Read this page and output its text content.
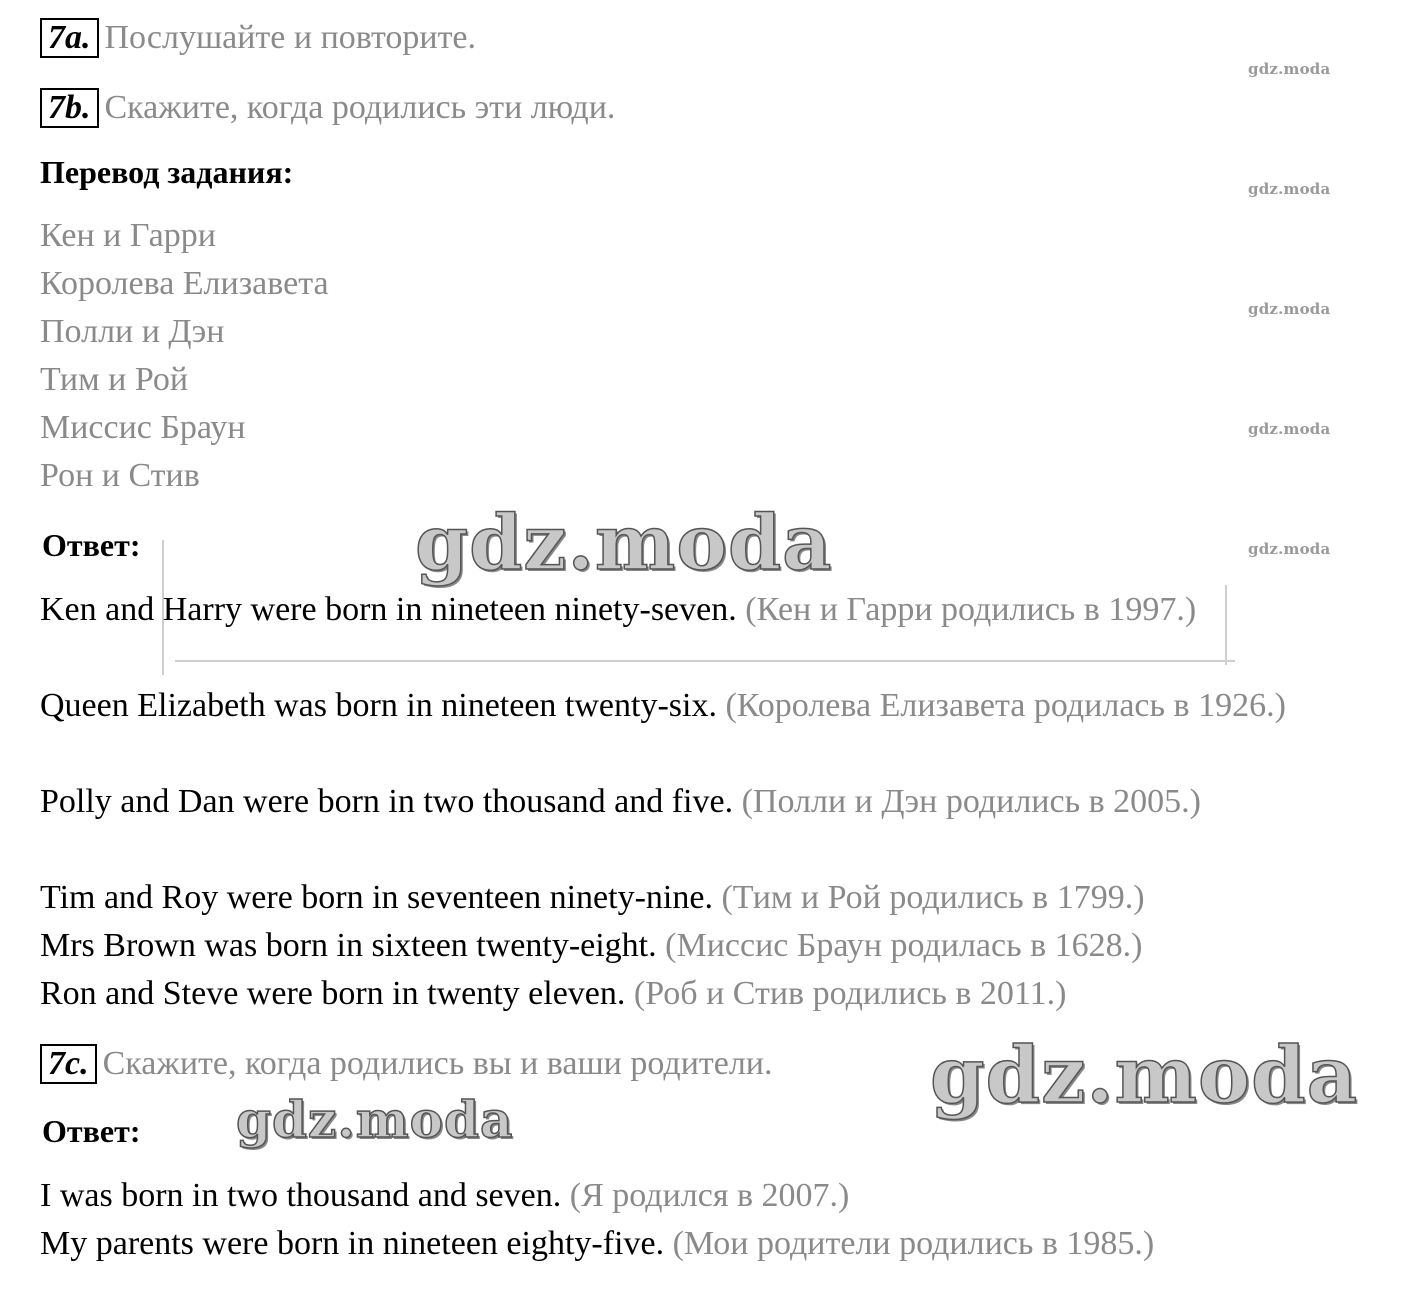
7a. Послушайте и повторите.
7b. Скажите, когда родились эти люди.
Перевод задания:
Кен и Гарри
Королева Елизавета
Полли и Дэн
Тим и Рой
Миссис Браун
Рон и Стив
Ответ:
Ken and Harry were born in nineteen ninety-seven. (Кен и Гарри родились в 1997.)
Queen Elizabeth was born in nineteen twenty-six. (Королева Елизавета родилась в 1926.)
Polly and Dan were born in two thousand and five. (Полли и Дэн родились в 2005.)
Tim and Roy were born in seventeen ninety-nine. (Тим и Рой родились в 1799.)
Mrs Brown was born in sixteen twenty-eight. (Миссис Браун родилась в 1628.)
Ron and Steve were born in twenty eleven. (Роб и Стив родились в 2011.)
7c. Скажите, когда родились вы и ваши родители.
Ответ:
I was born in two thousand and seven. (Я родился в 2007.)
My parents were born in nineteen eighty-five. (Мои родители родились в 1985.)
gdz.moda
gdz.moda
gdz.moda
gdz.moda
gdz.moda
gdz.moda
gdz.moda
gdz.moda
